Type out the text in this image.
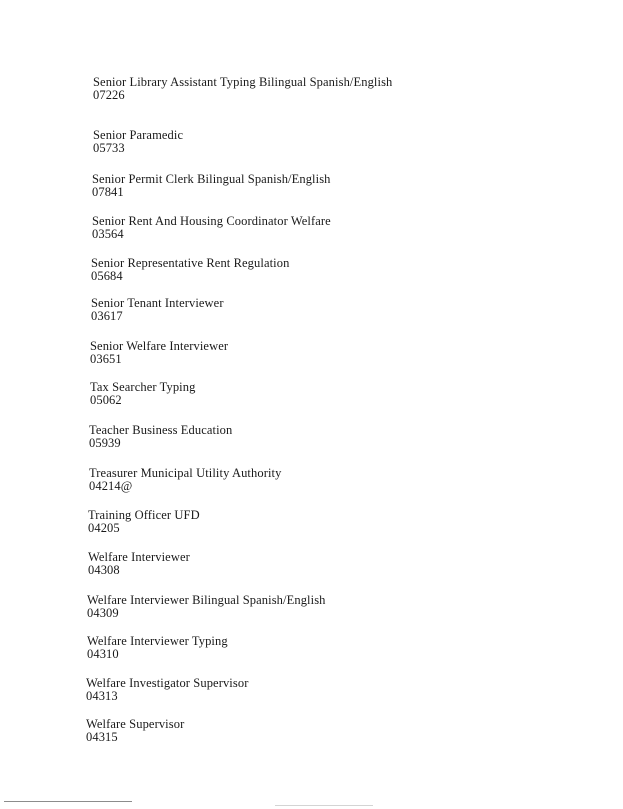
Senior Library Assistant Typing Bilingual Spanish/English
07226
Senior Paramedic
05733
Senior Permit Clerk Bilingual Spanish/English
07841
Senior Rent And Housing Coordinator Welfare
03564
Senior Representative Rent Regulation
05684
Senior Tenant Interviewer
03617
Senior Welfare Interviewer
03651
Tax Searcher Typing
05062
Teacher Business Education
05939
Treasurer Municipal Utility Authority
04214@
Training Officer UFD
04205
Welfare Interviewer
04308
Welfare Interviewer Bilingual Spanish/English
04309
Welfare Interviewer Typing
04310
Welfare Investigator Supervisor
04313
Welfare Supervisor
04315
